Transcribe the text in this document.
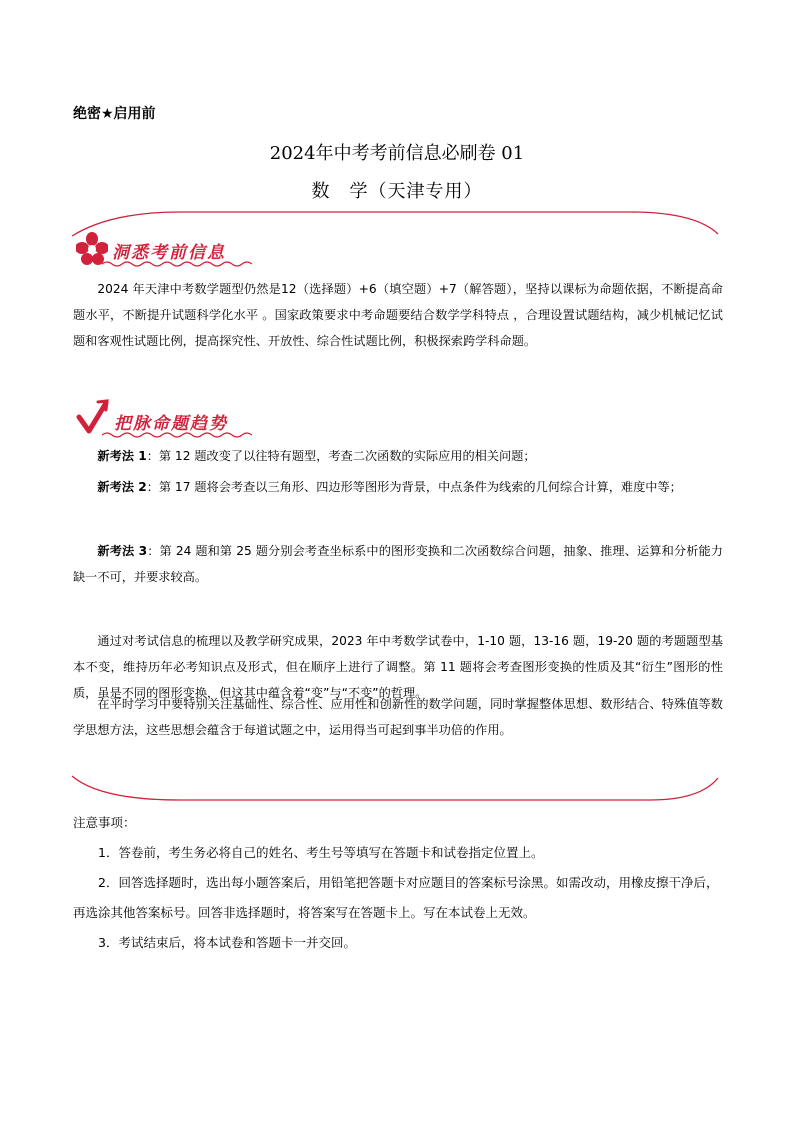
绝密★启用前
2024年中考考前信息必刷卷 01
数　学（天津专用）
洞悉考前信息
2024 年天津中考数学题型仍然是12（选择题）+6（填空题）+7（解答题），坚持以课标为命题依据，不断提高命题水平，不断提升试题科学化水平 。国家政策要求中考命题要结合数学学科特点 ，合理设置试题结构，减少机械记忆试题和客观性试题比例，提高探究性、开放性、综合性试题比例，积极探索跨学科命题。
把脉命题趋势
新考法 1：第 12 题改变了以往特有题型，考查二次函数的实际应用的相关问题；
新考法 2：第 17 题将会考查以三角形、四边形等图形为背景，中点条件为线索的几何综合计算，难度中等；
新考法 3：第 24 题和第 25 题分别会考查坐标系中的图形变换和二次函数综合问题，抽象、推理、运算和分析能力缺一不可，并要求较高。
通过对考试信息的梳理以及教学研究成果，2023 年中考数学试卷中，1-10 题，13-16 题，19-20 题的考题题型基本不变，维持历年必考知识点及形式，但在顺序上进行了调整。第 11 题将会考查图形变换的性质及其“衍生”图形的性质，虽是不同的图形变换，但这其中蕴含着“变”与“不变”的哲理。
在平时学习中要特别关注基础性、综合性、应用性和创新性的数学问题，同时掌握整体思想、数形结合、特殊值等数学思想方法，这些思想会蕴含于每道试题之中，运用得当可起到事半功倍的作用。
注意事项：
1．答卷前，考生务必将自己的姓名、考生号等填写在答题卡和试卷指定位置上。
2．回答选择题时，选出每小题答案后，用铅笔把答题卡对应题目的答案标号涂黑。如需改动，用橡皮擦干净后，再选涂其他答案标号。回答非选择题时，将答案写在答题卡上。写在本试卷上无效。
3．考试结束后，将本试卷和答题卡一并交回。
